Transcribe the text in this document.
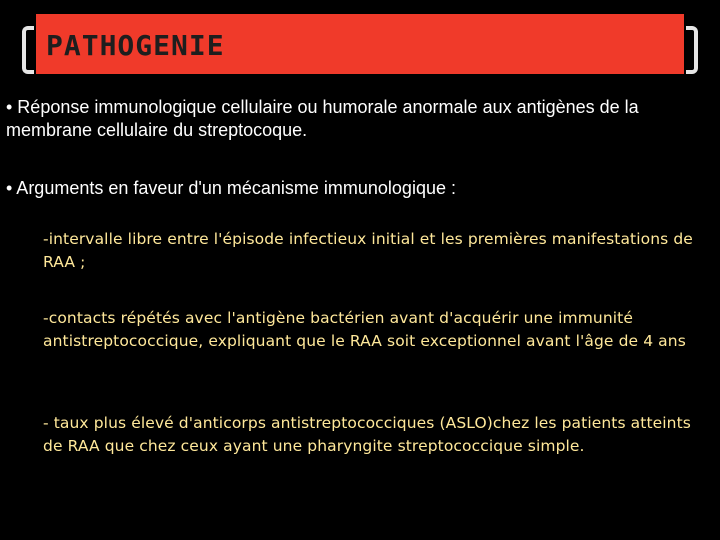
PATHOGENIE
• Réponse immunologique cellulaire ou humorale anormale aux antigènes de la membrane cellulaire du streptocoque.
• Arguments en faveur d'un mécanisme immunologique :
-intervalle libre entre l'épisode infectieux initial et les premières manifestations de RAA ;
-contacts répétés avec l'antigène bactérien avant d'acquérir une immunité antistreptococcique, expliquant que le RAA soit exceptionnel avant l'âge de 4 ans
- taux plus élevé d'anticorps antistreptococciques (ASLO)chez les patients atteints de RAA que chez ceux ayant une pharyngite streptococcique simple.
